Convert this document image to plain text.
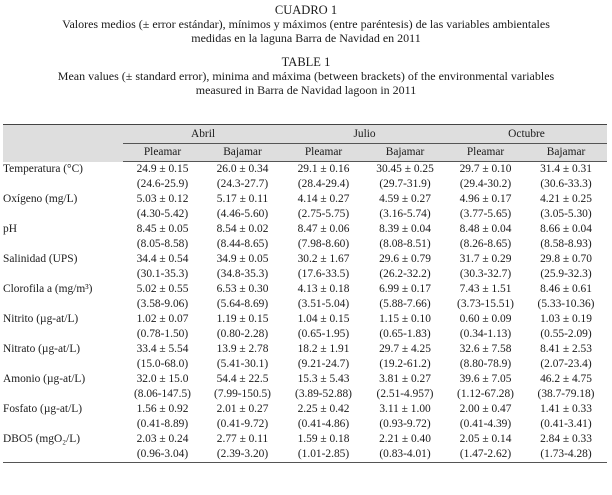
CUADRO 1
Valores medios (± error estándar), mínimos y máximos (entre paréntesis) de las variables ambientales
medidas en la laguna Barra de Navidad en 2011
TABLE 1
Mean values (± standard error), minima and máxima (between brackets) of the environmental variables
measured in Barra de Navidad lagoon in 2011
	Abril		Julio		Octubre	
	Pleamar	Bajamar	Pleamar	Bajamar	Pleamar	Bajamar
Temperatura (°C)	24.9 ± 0.15	26.0 ± 0.34	29.1 ± 0.16	30.45 ± 0.25	29.7 ± 0.10	31.4 ± 0.31
	(24.6-25.9)	(24.3-27.7)	(28.4-29.4)	(29.7-31.9)	(29.4-30.2)	(30.6-33.3)
Oxígeno (mg/L)	5.03 ± 0.12	5.17 ± 0.11	4.14 ± 0.27	4.59 ± 0.27	4.96 ± 0.17	4.21 ± 0.25
	(4.30-5.42)	(4.46-5.60)	(2.75-5.75)	(3.16-5.74)	(3.77-5.65)	(3.05-5.30)
pH	8.45 ± 0.05	8.54 ± 0.02	8.47 ± 0.06	8.39 ± 0.04	8.48 ± 0.04	8.66 ± 0.04
	(8.05-8.58)	(8.44-8.65)	(7.98-8.60)	(8.08-8.51)	(8.26-8.65)	(8.58-8.93)
Salinidad (UPS)	34.4 ± 0.54	34.9 ± 0.05	30.2 ± 1.67	29.6 ± 0.79	31.7 ± 0.29	29.8 ± 0.70
	(30.1-35.3)	(34.8-35.3)	(17.6-33.5)	(26.2-32.2)	(30.3-32.7)	(25.9-32.3)
Clorofila a (mg/m³)	5.02 ± 0.55	6.53 ± 0.30	4.13 ± 0.18	6.99 ± 0.17	7.43 ± 1.51	8.46 ± 0.61
	(3.58-9.06)	(5.64-8.69)	(3.51-5.04)	(5.88-7.66)	(3.73-15.51)	(5.33-10.36)
Nitrito (µg-at/L)	1.02 ± 0.07	1.19 ± 0.15	1.04 ± 0.15	1.15 ± 0.10	0.60 ± 0.09	1.03 ± 0.19
	(0.78-1.50)	(0.80-2.28)	(0.65-1.95)	(0.65-1.83)	(0.34-1.13)	(0.55-2.09)
Nitrato (µg-at/L)	33.4 ± 5.54	13.9 ± 2.78	18.2 ± 1.91	29.7 ± 4.25	32.6 ± 7.58	8.41 ± 2.53
	(15.0-68.0)	(5.41-30.1)	(9.21-24.7)	(19.2-61.2)	(8.80-78.9)	(2.07-23.4)
Amonio (µg-at/L)	32.0 ± 15.0	54.4 ± 22.5	15.3 ± 5.43	3.81 ± 0.27	39.6 ± 7.05	46.2 ± 4.75
	(8.06-147.5)	(7.99-150.5)	(3.89-52.88)	(2.51-4.957)	(1.12-67.28)	(38.7-79.18)
Fosfato (µg-at/L)	1.56 ± 0.92	2.01 ± 0.27	2.25 ± 0.42	3.11 ± 1.00	2.00 ± 0.47	1.41 ± 0.33
	(0.41-8.89)	(0.41-9.72)	(0.41-4.86)	(0.93-9.72)	(0.41-4.39)	(0.41-3.41)
DBO5 (mgO₂/L)	2.03 ± 0.24	2.77 ± 0.11	1.59 ± 0.18	2.21 ± 0.40	2.05 ± 0.14	2.84 ± 0.33
	(0.96-3.04)	(2.39-3.20)	(1.01-2.85)	(0.83-4.01)	(1.47-2.62)	(1.73-4.28)
